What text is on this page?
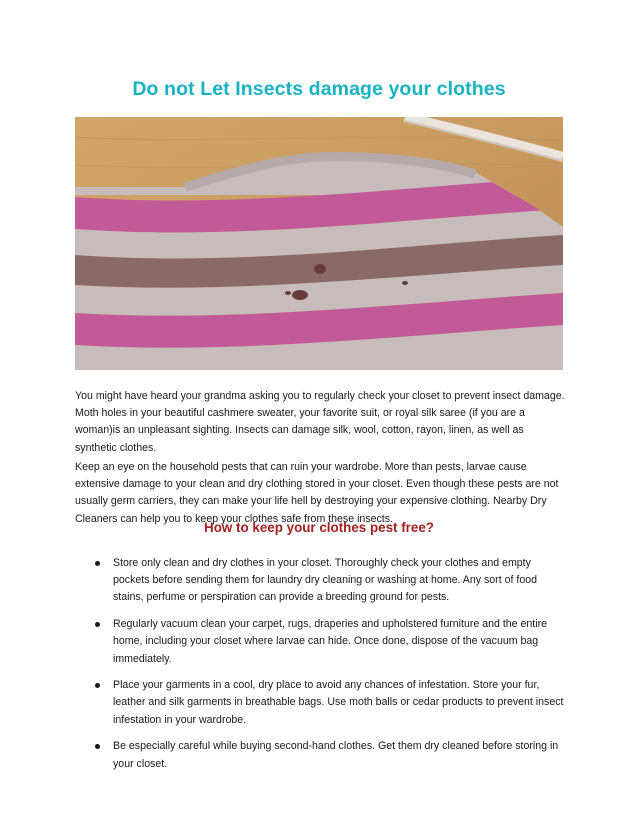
Do not Let Insects damage your clothes

You might have heard your grandma asking you to regularly check your closet to prevent insect damage. Moth holes in your beautiful cashmere sweater, your favorite suit, or royal silk saree (if you are a woman)is an unpleasant sighting. Insects can damage silk, wool, cotton, rayon, linen, as well as synthetic clothes.

Keep an eye on the household pests that can ruin your wardrobe. More than pests, larvae cause extensive damage to your clean and dry clothing stored in your closet. Even though these pests are not usually germ carriers, they can make your life hell by destroying your expensive clothing. Nearby Dry Cleaners can help you to keep your clothes safe from these insects.

How to keep your clothes pest free?
Store only clean and dry clothes in your closet. Thoroughly check your clothes and empty pockets before sending them for laundry dry cleaning or washing at home. Any sort of food stains, perfume or perspiration can provide a breeding ground for pests.
Regularly vacuum clean your carpet, rugs, draperies and upholstered furniture and the entire home, including your closet where larvae can hide. Once done, dispose of the vacuum bag immediately.
Place your garments in a cool, dry place to avoid any chances of infestation. Store your fur, leather and silk garments in breathable bags. Use moth balls or cedar products to prevent insect infestation in your wardrobe.
Be especially careful while buying second-hand clothes. Get them dry cleaned before storing in your closet.
